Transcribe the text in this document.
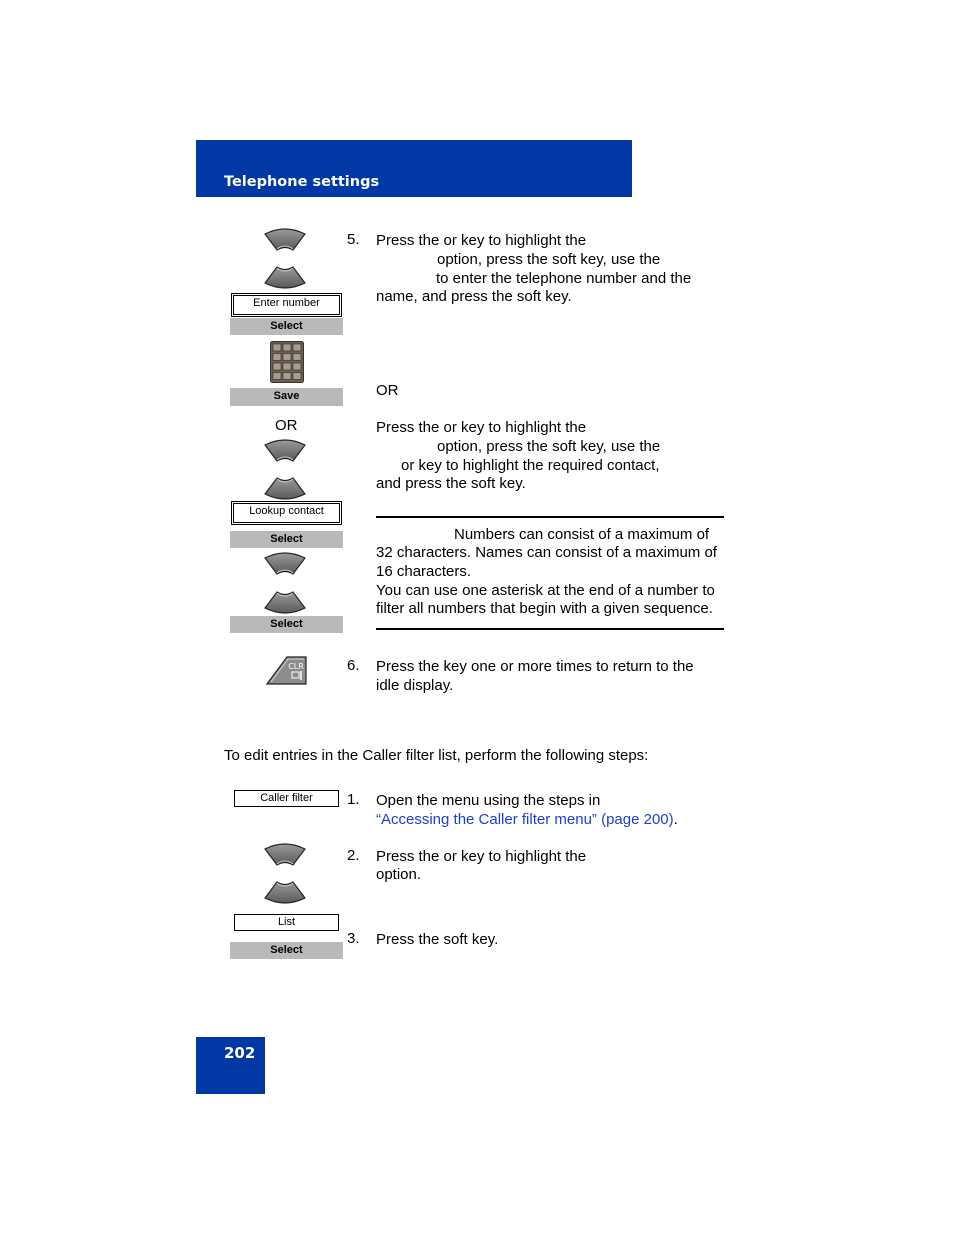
Telephone settings
Enter number
Select
Save
OR
Lookup contact
Select
Select
CLR
5. Press the or key to highlight the
option, press the soft key, use the
to enter the telephone number and the
name, and press the soft key.
OR
Press the or key to highlight the
option, press the soft key, use the
or key to highlight the required contact,
and press the soft key.
Numbers can consist of a maximum of
32 characters. Names can consist of a maximum of
16 characters.
You can use one asterisk at the end of a number to
filter all numbers that begin with a given sequence.
6. Press the key one or more times to return to the
idle display.
To edit entries in the Caller filter list, perform the following steps:
Caller filter	1. Open the menu using the steps in
“Accessing the Caller filter menu” (page 200).
2. Press the or key to highlight the
option.
List
Select
3. Press the soft key.
202
